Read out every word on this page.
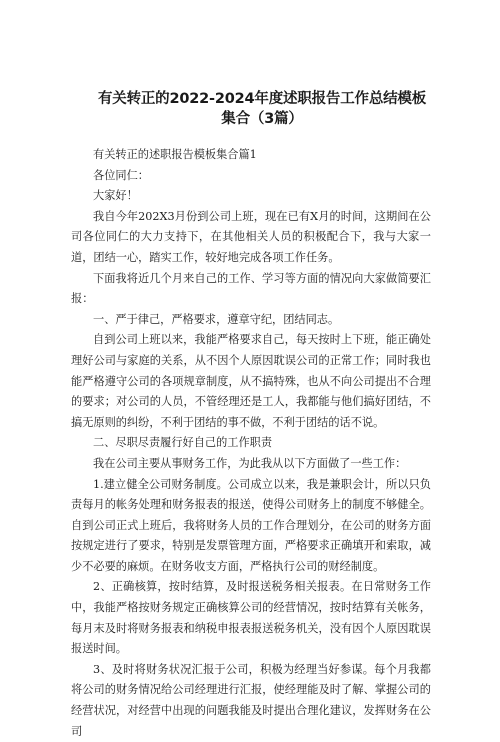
有关转正的2022-2024年度述职报告工作总结模板集合（3篇）

有关转正的述职报告模板集合篇1

各位同仁：

大家好！

我自今年202X3月份到公司上班，现在已有X月的时间，这期间在公司各位同仁的大力支持下，在其他相关人员的积极配合下，我与大家一道，团结一心，踏实工作，较好地完成各项工作任务。

下面我将近几个月来自己的工作、学习等方面的情况向大家做简要汇报：

一、严于律己，严格要求，遵章守纪，团结同志。

自到公司上班以来，我能严格要求自己，每天按时上下班，能正确处理好公司与家庭的关系，从不因个人原因耽误公司的正常工作；同时我也能严格遵守公司的各项规章制度，从不搞特殊，也从不向公司提出不合理的要求；对公司的人员，不管经理还是工人，我都能与他们搞好团结，不搞无原则的纠纷，不利于团结的事不做，不利于团结的话不说。

二、尽职尽责履行好自己的工作职责

我在公司主要从事财务工作，为此我从以下方面做了一些工作：

1.建立健全公司财务制度。公司成立以来，我是兼职会计，所以只负责每月的帐务处理和财务报表的报送，使得公司财务上的制度不够健全。自到公司正式上班后，我将财务人员的工作合理划分，在公司的财务方面按规定进行了要求，特别是发票管理方面，严格要求正确填开和索取，减少不必要的麻烦。在财务收支方面，严格执行公司的财经制度。

2、正确核算，按时结算，及时报送税务相关报表。在日常财务工作中，我能严格按财务规定正确核算公司的经营情况，按时结算有关帐务，每月末及时将财务报表和纳税申报表报送税务机关，没有因个人原因耽误报送时间。

3、及时将财务状况汇报于公司，积极为经理当好参谋。每个月我都将公司的财务情况给公司经理进行汇报，使经理能及时了解、掌握公司的经营状况，对经营中出现的问题我能及时提出合理化建议，发挥财务在公司
